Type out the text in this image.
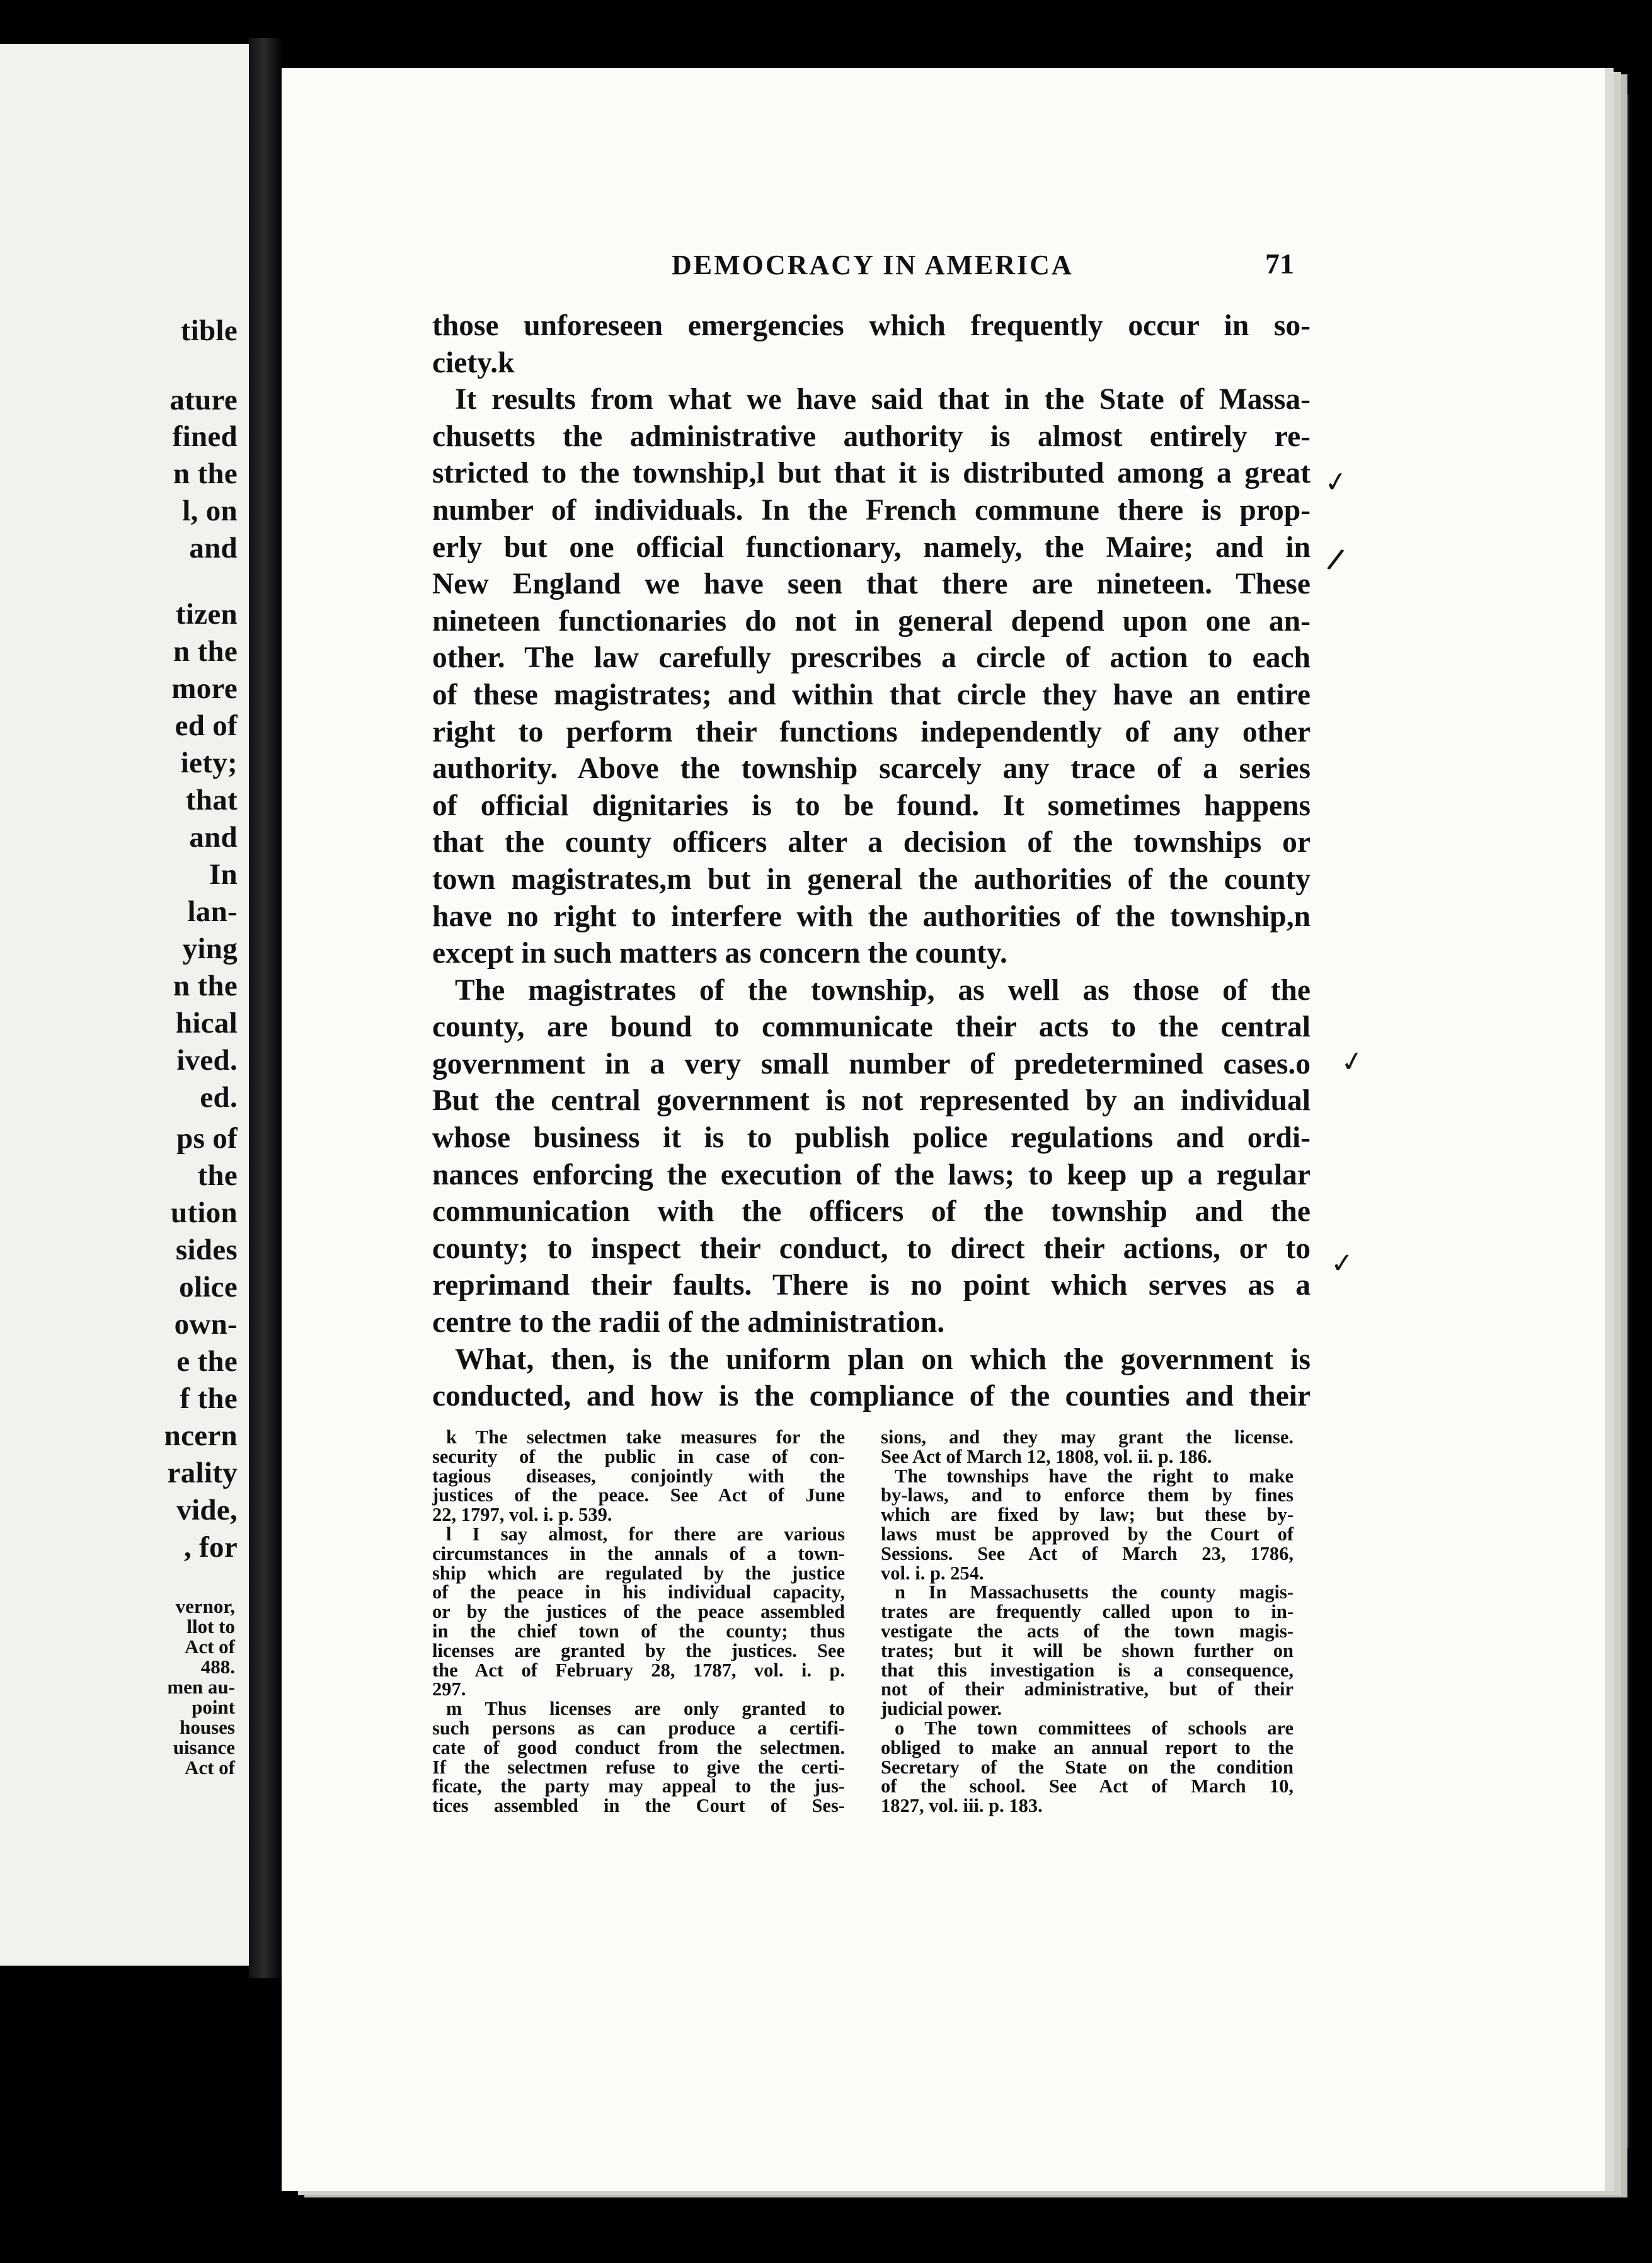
tible
ature
fined
n the
l, on
and
tizen
n the
more
ed of
iety;
that
and
In
lan-
ying
n the
hical
ived.
ed.
ps of
the
ution
sides
olice
own-
e the
f the
ncern
rality
vide,
, for
vernor,
llot to
Act of
488.
men au-
point
houses
uisance
Act of
DEMOCRACY IN AMERICA	71
those unforeseen emergencies which frequently occur in so-
ciety.k
It results from what we have said that in the State of Massa-
chusetts the administrative authority is almost entirely re-
stricted to the township,l but that it is distributed among a great
number of individuals. In the French commune there is prop-
erly but one official functionary, namely, the Maire; and in
New England we have seen that there are nineteen. These
nineteen functionaries do not in general depend upon one an-
other. The law carefully prescribes a circle of action to each
of these magistrates; and within that circle they have an entire
right to perform their functions independently of any other
authority. Above the township scarcely any trace of a series
of official dignitaries is to be found. It sometimes happens
that the county officers alter a decision of the townships or
town magistrates,m but in general the authorities of the county
have no right to interfere with the authorities of the township,n
except in such matters as concern the county.
The magistrates of the township, as well as those of the
county, are bound to communicate their acts to the central
government in a very small number of predetermined cases.o
But the central government is not represented by an individual
whose business it is to publish police regulations and ordi-
nances enforcing the execution of the laws; to keep up a regular
communication with the officers of the township and the
county; to inspect their conduct, to direct their actions, or to
reprimand their faults. There is no point which serves as a
centre to the radii of the administration.
What, then, is the uniform plan on which the government is
conducted, and how is the compliance of the counties and their
k The selectmen take measures for the
security of the public in case of con-
tagious diseases, conjointly with the
justices of the peace. See Act of June
22, 1797, vol. i. p. 539.
l I say almost, for there are various
circumstances in the annals of a town-
ship which are regulated by the justice
of the peace in his individual capacity,
or by the justices of the peace assembled
in the chief town of the county; thus
licenses are granted by the justices. See
the Act of February 28, 1787, vol. i. p.
297.
m Thus licenses are only granted to
such persons as can produce a certifi-
cate of good conduct from the selectmen.
If the selectmen refuse to give the certi-
ficate, the party may appeal to the jus-
tices assembled in the Court of Ses-
sions, and they may grant the license.
See Act of March 12, 1808, vol. ii. p. 186.
The townships have the right to make
by-laws, and to enforce them by fines
which are fixed by law; but these by-
laws must be approved by the Court of
Sessions. See Act of March 23, 1786,
vol. i. p. 254.
n In Massachusetts the county magis-
trates are frequently called upon to in-
vestigate the acts of the town magis-
trates; but it will be shown further on
that this investigation is a consequence,
not of their administrative, but of their
judicial power.
o The town committees of schools are
obliged to make an annual report to the
Secretary of the State on the condition
of the school. See Act of March 10,
1827, vol. iii. p. 183.
✓
/
✓
✓
